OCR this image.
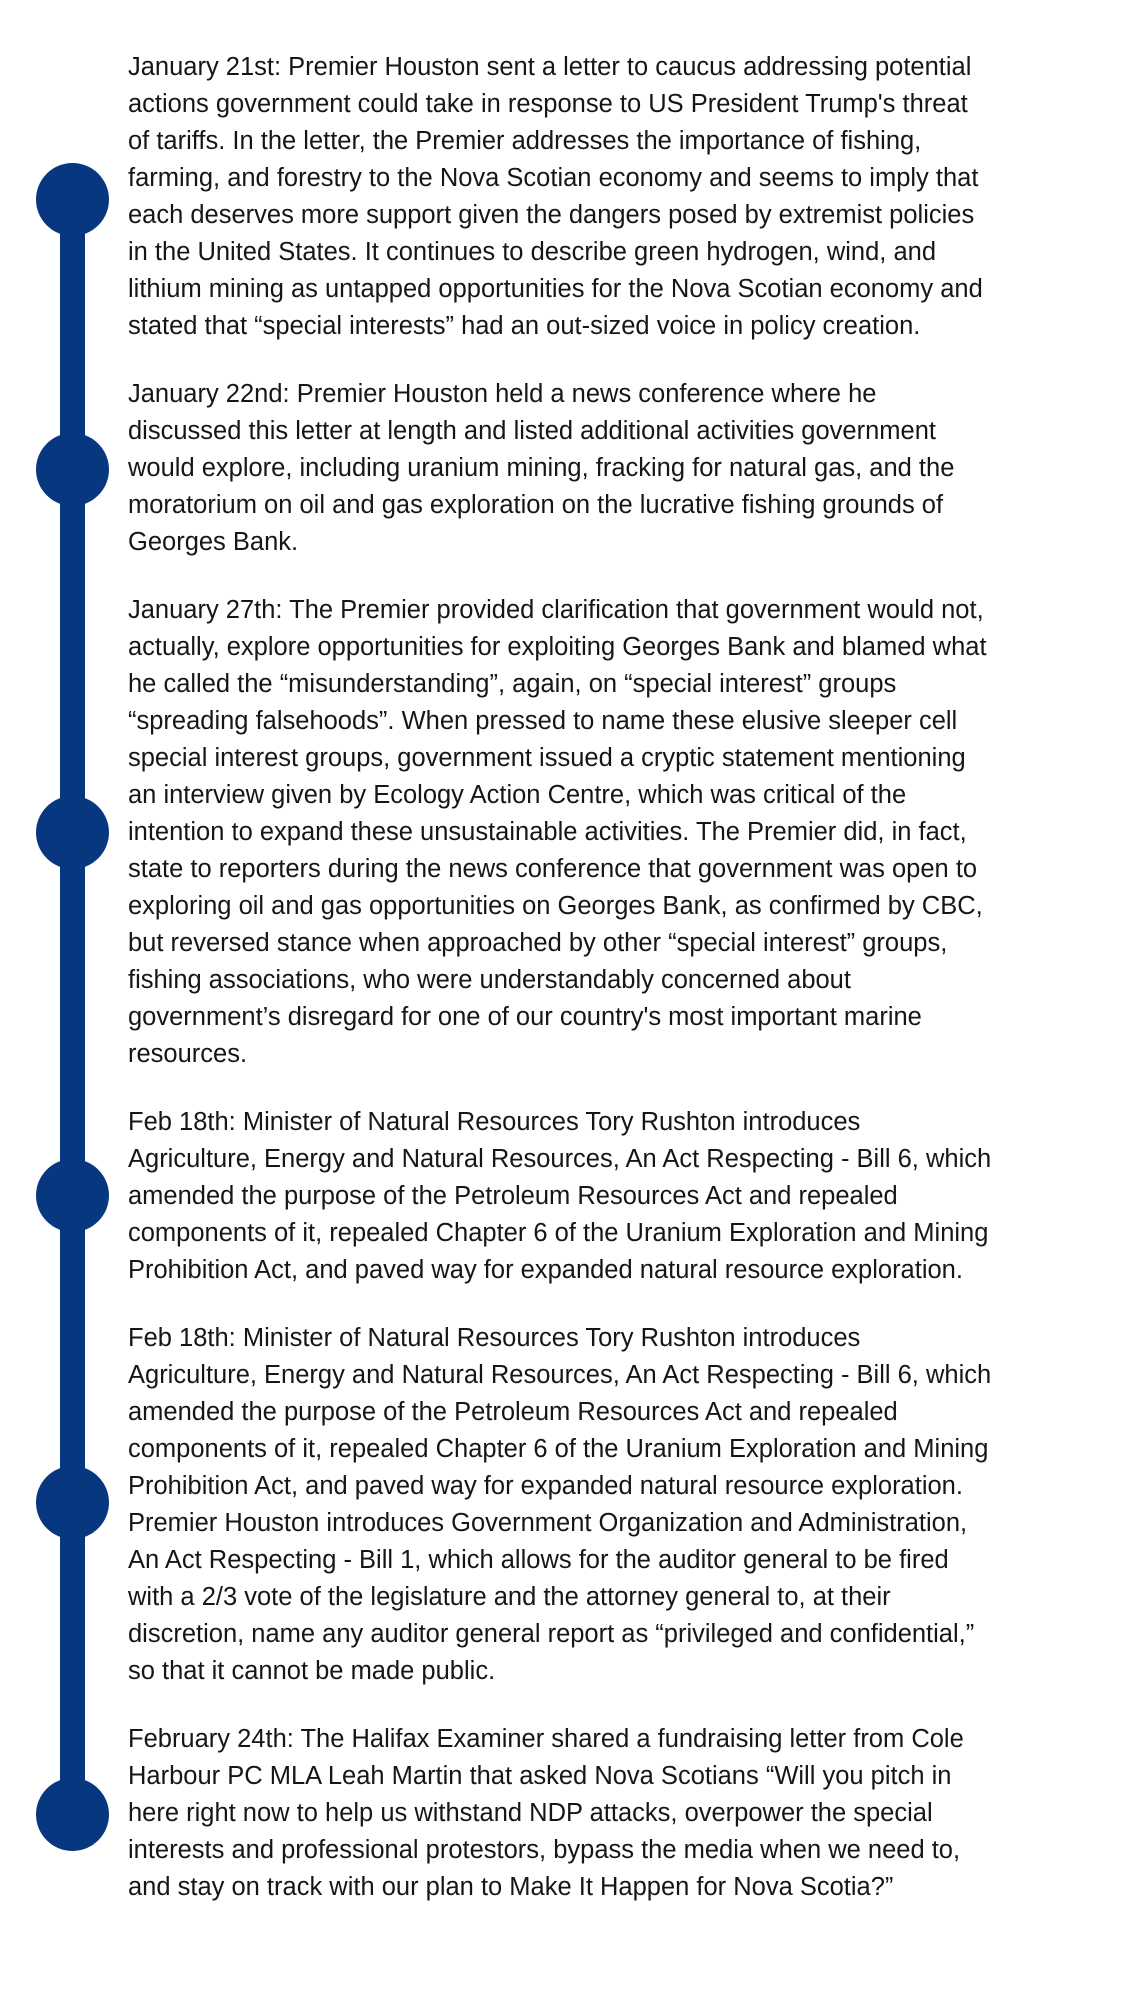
January 21st: Premier Houston sent a letter to caucus addressing potential
actions government could take in response to US President Trump's threat
of tariffs. In the letter, the Premier addresses the importance of fishing,
farming, and forestry to the Nova Scotian economy and seems to imply that
each deserves more support given the dangers posed by extremist policies
in the United States. It continues to describe green hydrogen, wind, and
lithium mining as untapped opportunities for the Nova Scotian economy and
stated that “special interests” had an out-sized voice in policy creation.

January 22nd: Premier Houston held a news conference where he
discussed this letter at length and listed additional activities government
would explore, including uranium mining, fracking for natural gas, and the
moratorium on oil and gas exploration on the lucrative fishing grounds of
Georges Bank.

January 27th: The Premier provided clarification that government would not,
actually, explore opportunities for exploiting Georges Bank and blamed what
he called the “misunderstanding”, again, on “special interest” groups
“spreading falsehoods”. When pressed to name these elusive sleeper cell
special interest groups, government issued a cryptic statement mentioning
an interview given by Ecology Action Centre, which was critical of the
intention to expand these unsustainable activities. The Premier did, in fact,
state to reporters during the news conference that government was open to
exploring oil and gas opportunities on Georges Bank, as confirmed by CBC,
but reversed stance when approached by other “special interest” groups,
fishing associations, who were understandably concerned about
government’s disregard for one of our country's most important marine
resources.

Feb 18th: Minister of Natural Resources Tory Rushton introduces
Agriculture, Energy and Natural Resources, An Act Respecting - Bill 6, which
amended the purpose of the Petroleum Resources Act and repealed
components of it, repealed Chapter 6 of the Uranium Exploration and Mining
Prohibition Act, and paved way for expanded natural resource exploration.

Feb 18th: Minister of Natural Resources Tory Rushton introduces
Agriculture, Energy and Natural Resources, An Act Respecting - Bill 6, which
amended the purpose of the Petroleum Resources Act and repealed
components of it, repealed Chapter 6 of the Uranium Exploration and Mining
Prohibition Act, and paved way for expanded natural resource exploration.
Premier Houston introduces Government Organization and Administration,
An Act Respecting - Bill 1, which allows for the auditor general to be fired
with a 2/3 vote of the legislature and the attorney general to, at their
discretion, name any auditor general report as “privileged and confidential,”
so that it cannot be made public.

February 24th: The Halifax Examiner shared a fundraising letter from Cole
Harbour PC MLA Leah Martin that asked Nova Scotians “Will you pitch in
here right now to help us withstand NDP attacks, overpower the special
interests and professional protestors, bypass the media when we need to,
and stay on track with our plan to Make It Happen for Nova Scotia?”
